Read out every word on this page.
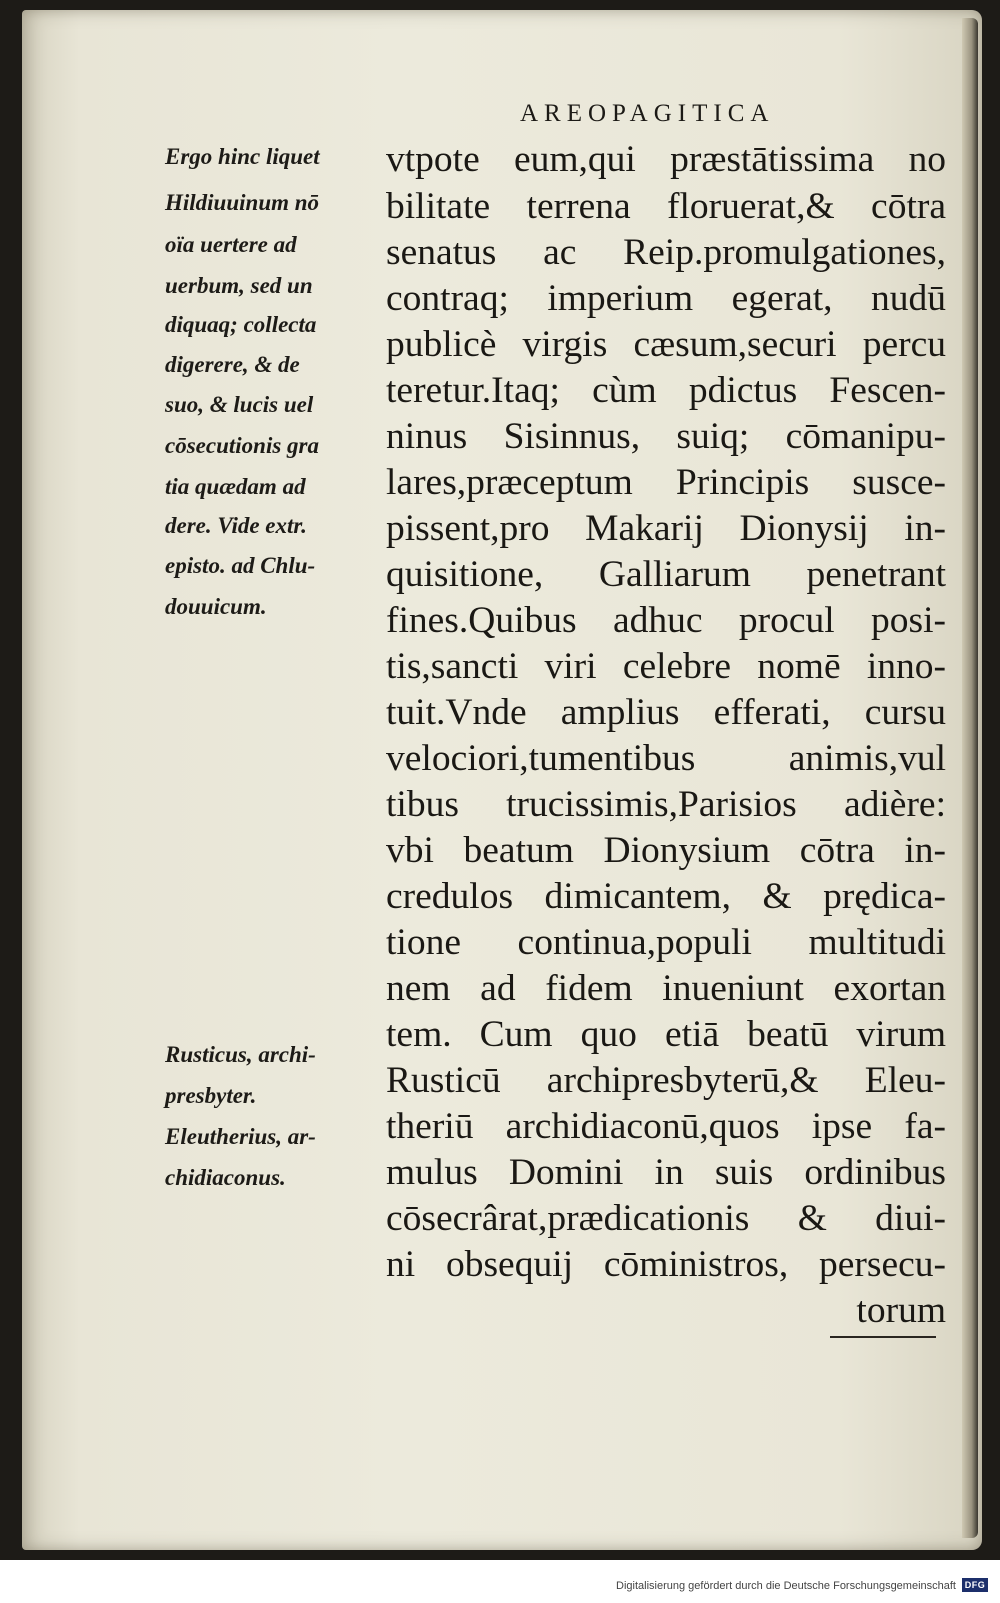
AREOPAGITICA
Ergo hinc liquet
Hildiuuinum nō
oïa uertere ad
uerbum, sed un
diquaq; collecta
digerere, & de
suo, & lucis uel
cōsecutionis gra
tia quædam ad
dere. Vide extr.
episto. ad Chlu-
douuicum.
Rusticus, archi-
presbyter.
Eleutherius, ar-
chidiaconus.
vtpote eum,qui præstātissima no
bilitate terrena floruerat,& cōtra
senatus ac Reip.promulgationes,
contraq; imperium egerat, nudū
publicè virgis cæsum,securi percu
teretur.Itaq; cùm pdictus Fescen-
ninus Sisinnus, suiq; cōmanipu-
lares,præceptum Principis susce-
pissent,pro Makarij Dionysij in-
quisitione, Galliarum penetrant
fines.Quibus adhuc procul posi-
tis,sancti viri celebre nomē inno-
tuit.Vnde amplius efferati, cursu
velociori,tumentibus animis,vul
tibus trucissimis,Parisios adière:
vbi beatum Dionysium cōtra in-
credulos dimicantem, & prędica-
tione continua,populi multitudi
nem ad fidem inueniunt exortan
tem. Cum quo etiā beatū virum
Rusticū archipresbyterū,& Eleu-
theriū archidiaconū,quos ipse fa-
mulus Domini in suis ordinibus
cōsecrârat,prædicationis & diui-
ni obsequij cōministros, persecu-
torum
Digitalisierung gefördert durch die Deutsche Forschungsgemeinschaft DFG
